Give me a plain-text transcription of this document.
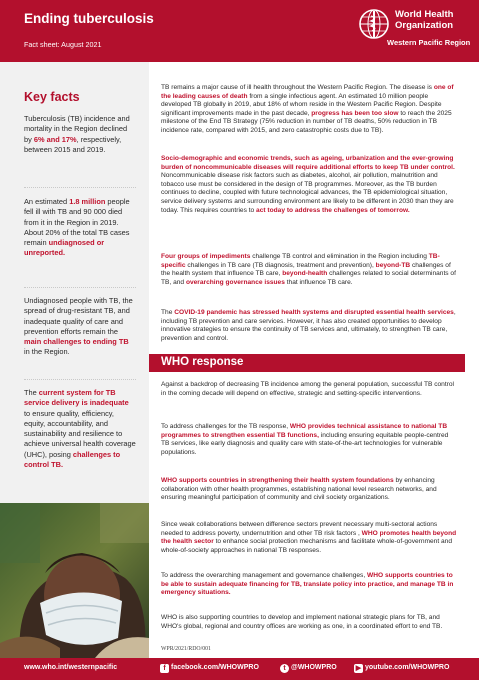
Ending tuberculosis
Fact sheet: August 2021
World Health
Organization
Western Pacific Region
Key facts
Tuberculosis (TB) incidence and mortality in the Region declined by 6% and 17%, respectively, between 2015 and 2019.
An estimated 1.8 million people fell ill with TB and 90 000 died from it in the Region in 2019. About 20% of the total TB cases remain undiagnosed or unreported.
Undiagnosed people with TB, the spread of drug-resistant TB, and inadequate quality of care and prevention efforts remain the main challenges to ending TB in the Region.
The current system for TB service delivery is inadequate to ensure quality, efficiency, equity, accountability, and sustainability and resilience to achieve universal health coverage (UHC), posing challenges to control TB.
TB remains a major cause of ill health throughout the Western Pacific Region. The disease is one of the leading causes of death from a single infectious agent. An estimated 10 million people developed TB globally in 2019, abut 18% of whom reside in the Western Pacific Region. Despite significant improvements made in the past decade, progress has been too slow to reach the 2025 milestone of the End TB Strategy (75% reduction in number of TB deaths, 50% reduction in TB incidence rate, compared with 2015, and zero catastrophic costs due to TB).
Socio-demographic and economic trends, such as ageing, urbanization and the ever-growing burden of noncommunicable diseases will require additional efforts to keep TB under control. Noncommunicable disease risk factors such as diabetes, alcohol, air pollution, malnutrition and tobacco use must be considered in the design of TB programmes. Moreover, as the TB burden continues to decline, coupled with future technological advances, the TB epidemiological situation, service delivery systems and surrounding environment are likely to be different in 2030 than they are today. This requires countries to act today to address the challenges of tomorrow.
Four groups of impediments challenge TB control and elimination in the Region including TB-specific challenges in TB care (TB diagnosis, treatment and prevention), beyond-TB challenges of the health system that influence TB care, beyond-health challenges related to social determinants of TB, and overarching governance issues that influence TB care.
The COVID-19 pandemic has stressed health systems and disrupted essential health services, including TB prevention and care services. However, it has also created opportunities to develop innovative strategies to ensure the continuity of TB services and, ultimately, to strengthen TB care, prevention and control.
WHO response
Against a backdrop of decreasing TB incidence among the general population, successful TB control in the coming decade will depend on effective, strategic and setting-specific interventions.
To address challenges for the TB response, WHO provides technical assistance to national TB programmes to strengthen essential TB functions, including ensuring equitable people-centred TB services, like early diagnosis and quality care with state-of-the-art technologies for vulnerable populations.
WHO supports countries in strengthening their health system foundations by enhancing collaboration with other health programmes, establishing national level research networks, and ensuring meaningful participation of community and civil society organizations.
Since weak collaborations between difference sectors prevent necessary multi-sectoral actions needed to address poverty, undernutrition and other TB risk factors , WHO promotes health beyond the health sector to enhance social protection mechanisms and facilitate whole-of-government and whole-of-society approaches in national TB responses.
To address the overarching management and governance challenges, WHO supports countries to be able to sustain adequate financing for TB, translate policy into practice, and manage TB in emergency situations.
WHO is also supporting countries to develop and implement national strategic plans for TB, and WHO's global, regional and country offices are working as one, in a coordinated effort to end TB.
WPR/2021/RDO/001
www.who.int/westernpacific	f facebook.com/WHOWPRO	t @WHOWPRO	▶ youtube.com/WHOWPRO
